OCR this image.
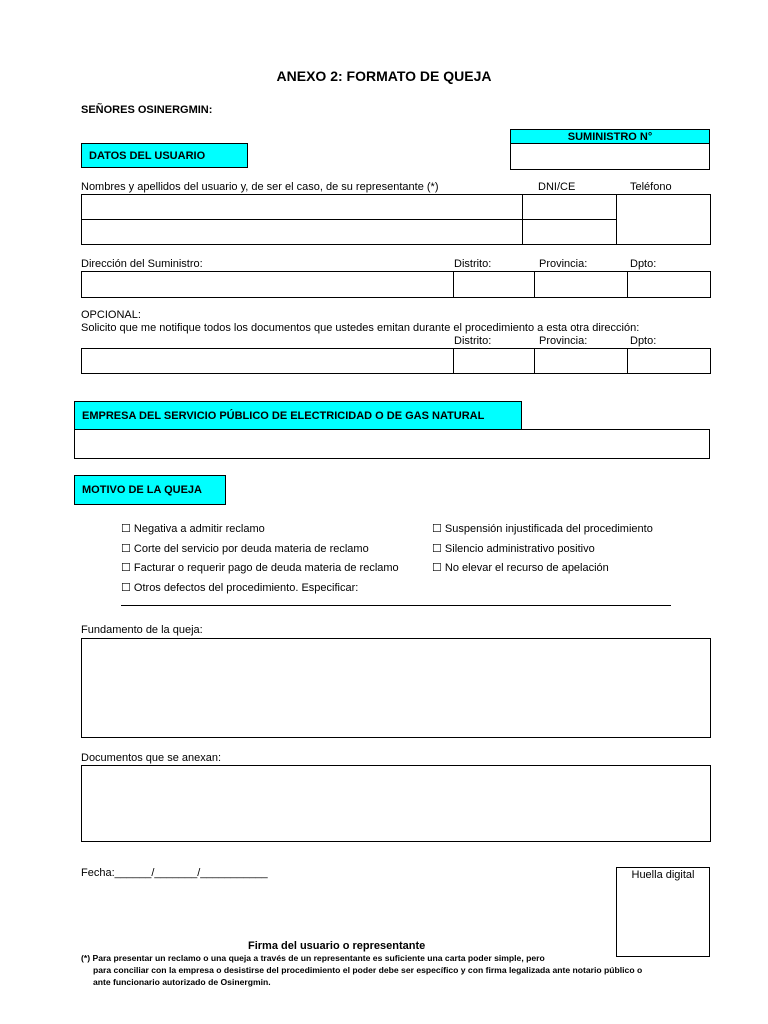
ANEXO 2: FORMATO DE QUEJA
SEÑORES OSINERGMIN:
SUMINISTRO N°
DATOS DEL USUARIO
Nombres y apellidos del usuario y, de ser el caso, de su representante (*)	DNI/CE	Teléfono
Dirección del Suministro:	Distrito:	Provincia:	Dpto:
OPCIONAL:
Solicito que me notifique todos los documentos que ustedes emitan durante el procedimiento a esta otra dirección:
Distrito:	Provincia:	Dpto:
EMPRESA DEL SERVICIO PÚBLICO DE ELECTRICIDAD O DE GAS NATURAL
MOTIVO DE LA QUEJA
☐ Negativa a admitir reclamo
☐ Corte del servicio por deuda materia de reclamo
☐ Facturar o requerir pago de deuda materia de reclamo
☐ Otros defectos del procedimiento. Especificar:
☐ Suspensión injustificada del procedimiento
☐ Silencio administrativo positivo
☐ No elevar el recurso de apelación
Fundamento de la queja:
Documentos que se anexan:
Fecha:______/_______/___________	Huella digital
Firma del usuario o representante
(*) Para presentar un reclamo o una queja a través de un representante es suficiente una carta poder simple, pero
para conciliar con la empresa o desistirse del procedimiento el poder debe ser específico y con firma legalizada ante notario público o
ante funcionario autorizado de Osinergmin.
